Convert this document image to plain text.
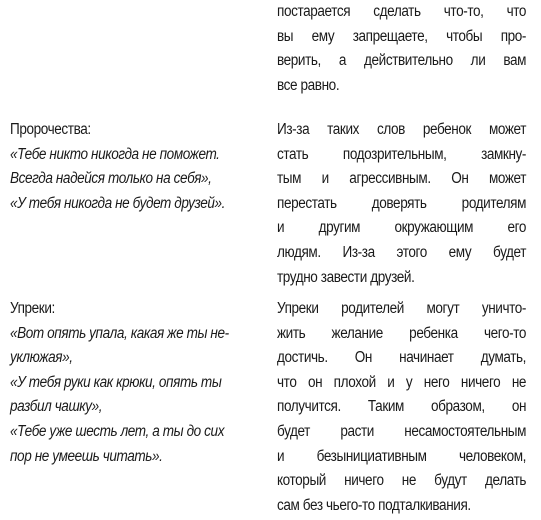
постарается сделать что-то, что
вы ему запрещаете, чтобы про-
верить, а действительно ли вам
все равно.
Пророчества:
«Тебе никто никогда не поможет.
Всегда надейся только на себя»,
«У тебя никогда не будет друзей».
Из-за таких слов ребенок может
стать подозрительным, замкну-
тым и агрессивным. Он может
перестать доверять родителям
и другим окружающим его
людям. Из-за этого ему будет
трудно завести друзей.
Упреки:
«Вот опять упала, какая же ты не-
уклюжая»,
«У тебя руки как крюки, опять ты
разбил чашку»,
«Тебе уже шесть лет, а ты до сих
пор не умеешь читать».
Упреки родителей могут уничто-
жить желание ребенка чего-то
достичь. Он начинает думать,
что он плохой и у него ничего не
получится. Таким образом, он
будет расти несамостоятельным
и безынициативным человеком,
который ничего не будут делать
сам без чьего-то подталкивания.
